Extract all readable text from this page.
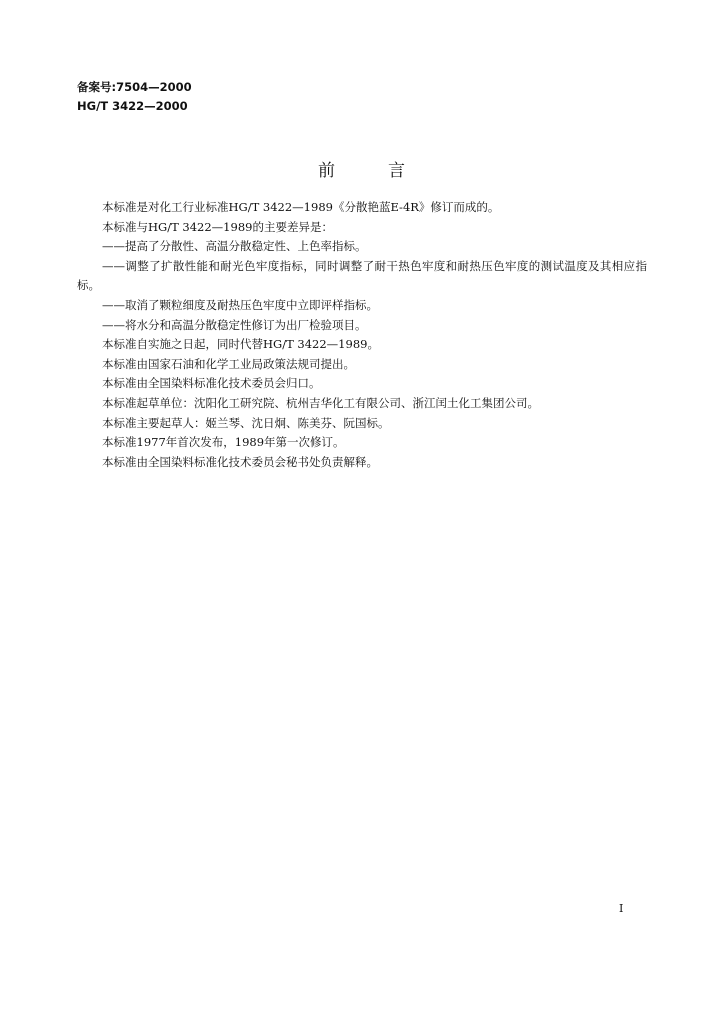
备案号:7504—2000
HG/T 3422—2000
前	言

本标准是对化工行业标准HG/T 3422—1989《分散艳蓝E-4R》修订而成的。

本标准与HG/T 3422—1989的主要差异是：

——提高了分散性、高温分散稳定性、上色率指标。

——调整了扩散性能和耐光色牢度指标，同时调整了耐干热色牢度和耐热压色牢度的测试温度及其相应指标。

——取消了颗粒细度及耐热压色牢度中立即评样指标。

——将水分和高温分散稳定性修订为出厂检验项目。

本标准自实施之日起，同时代替HG/T 3422—1989。

本标准由国家石油和化学工业局政策法规司提出。

本标准由全国染料标准化技术委员会归口。

本标准起草单位：沈阳化工研究院、杭州吉华化工有限公司、浙江闰土化工集团公司。

本标准主要起草人：姬兰琴、沈日炯、陈美芬、阮国标。

本标准1977年首次发布，1989年第一次修订。

本标准由全国染料标准化技术委员会秘书处负责解释。

I
